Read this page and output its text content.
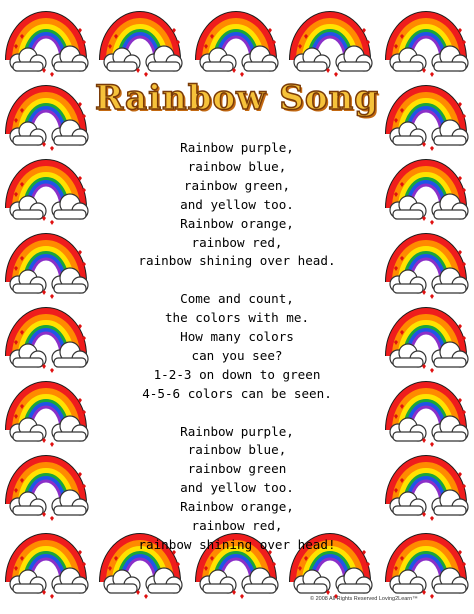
Rainbow Song
Rainbow purple,
rainbow blue,
rainbow green,
and yellow too.
Rainbow orange,
rainbow red,
rainbow shining over head.
Come and count,
the colors with me.
How many colors
can you see?
1-2-3 on down to green
4-5-6 colors can be seen.
Rainbow purple,
rainbow blue,
rainbow green
and yellow too.
Rainbow orange,
rainbow red,
rainbow shining over head!
© 2008 All Rights Reserved Loving2Learn™
